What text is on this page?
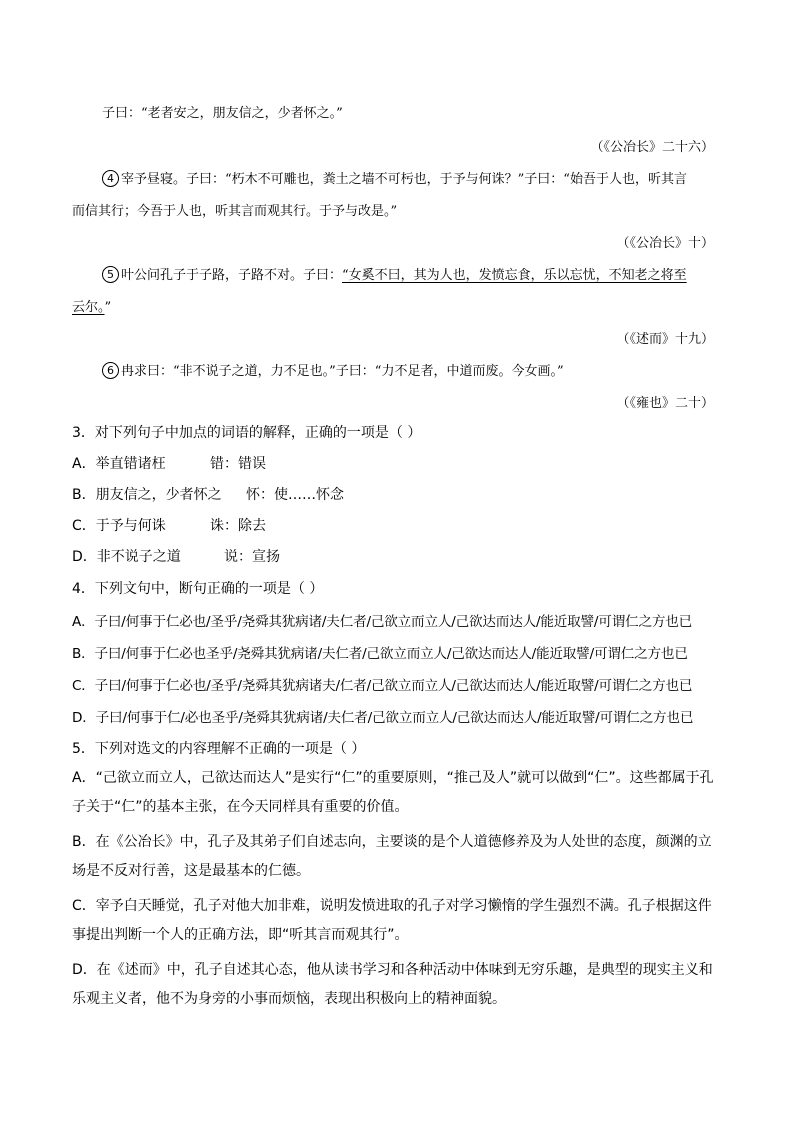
子曰：“老者安之，朋友信之，少者怀之。”
（《公冶长》二十六）
4 宰予昼寝。子曰：“朽木不可雕也，粪土之墙不可杇也，于予与何诛？”子曰：“始吾于人也，听其言
而信其行；今吾于人也，听其言而观其行。于予与改是。”
（《公冶长》十）
5 叶公问孔子于子路，子路不对。子曰：“女奚不曰，其为人也，发愤忘食，乐以忘忧，不知老之将至
云尔。”
（《述而》十九）
6 冉求曰：“非不说子之道，力不足也。”子曰：“力不足者，中道而废。今女画。”
（《雍也》二十）
3．对下列句子中加点的词语的解释，正确的一项是（ ）
A．举直错诸枉	错：错误
B．朋友信之，少者怀之 怀：使……怀念
C．于予与何诛	诛：除去
D．非不说子之道	说：宣扬
4．下列文句中，断句正确的一项是（ ）
A．子曰/何事于仁必也/圣乎/尧舜其犹病诸/夫仁者/己欲立而立人/己欲达而达人/能近取譬/可谓仁之方也已
B．子曰/何事于仁必也圣乎/尧舜其犹病诸/夫仁者/己欲立而立人/己欲达而达人/能近取譬/可谓仁之方也已
C．子曰/何事于仁必也/圣乎/尧舜其犹病诸夫/仁者/己欲立而立人/己欲达而达人/能近取譬/可谓仁之方也已
D．子曰/何事于仁/必也圣乎/尧舜其犹病诸/夫仁者/己欲立而立人/己欲达而达人/能近取譬/可谓仁之方也已
5．下列对选文的内容理解不正确的一项是（ ）
A．“己欲立而立人，己欲达而达人”是实行“仁”的重要原则，“推己及人”就可以做到“仁”。这些都属于孔子关于“仁”的基本主张，在今天同样具有重要的价值。
B．在《公冶长》中，孔子及其弟子们自述志向，主要谈的是个人道德修养及为人处世的态度，颜渊的立场是不反对行善，这是最基本的仁德。
C．宰予白天睡觉，孔子对他大加非难，说明发愤进取的孔子对学习懒惰的学生强烈不满。孔子根据这件事提出判断一个人的正确方法，即“听其言而观其行”。
D．在《述而》中，孔子自述其心态，他从读书学习和各种活动中体味到无穷乐趣，是典型的现实主义和乐观主义者，他不为身旁的小事而烦恼，表现出积极向上的精神面貌。
